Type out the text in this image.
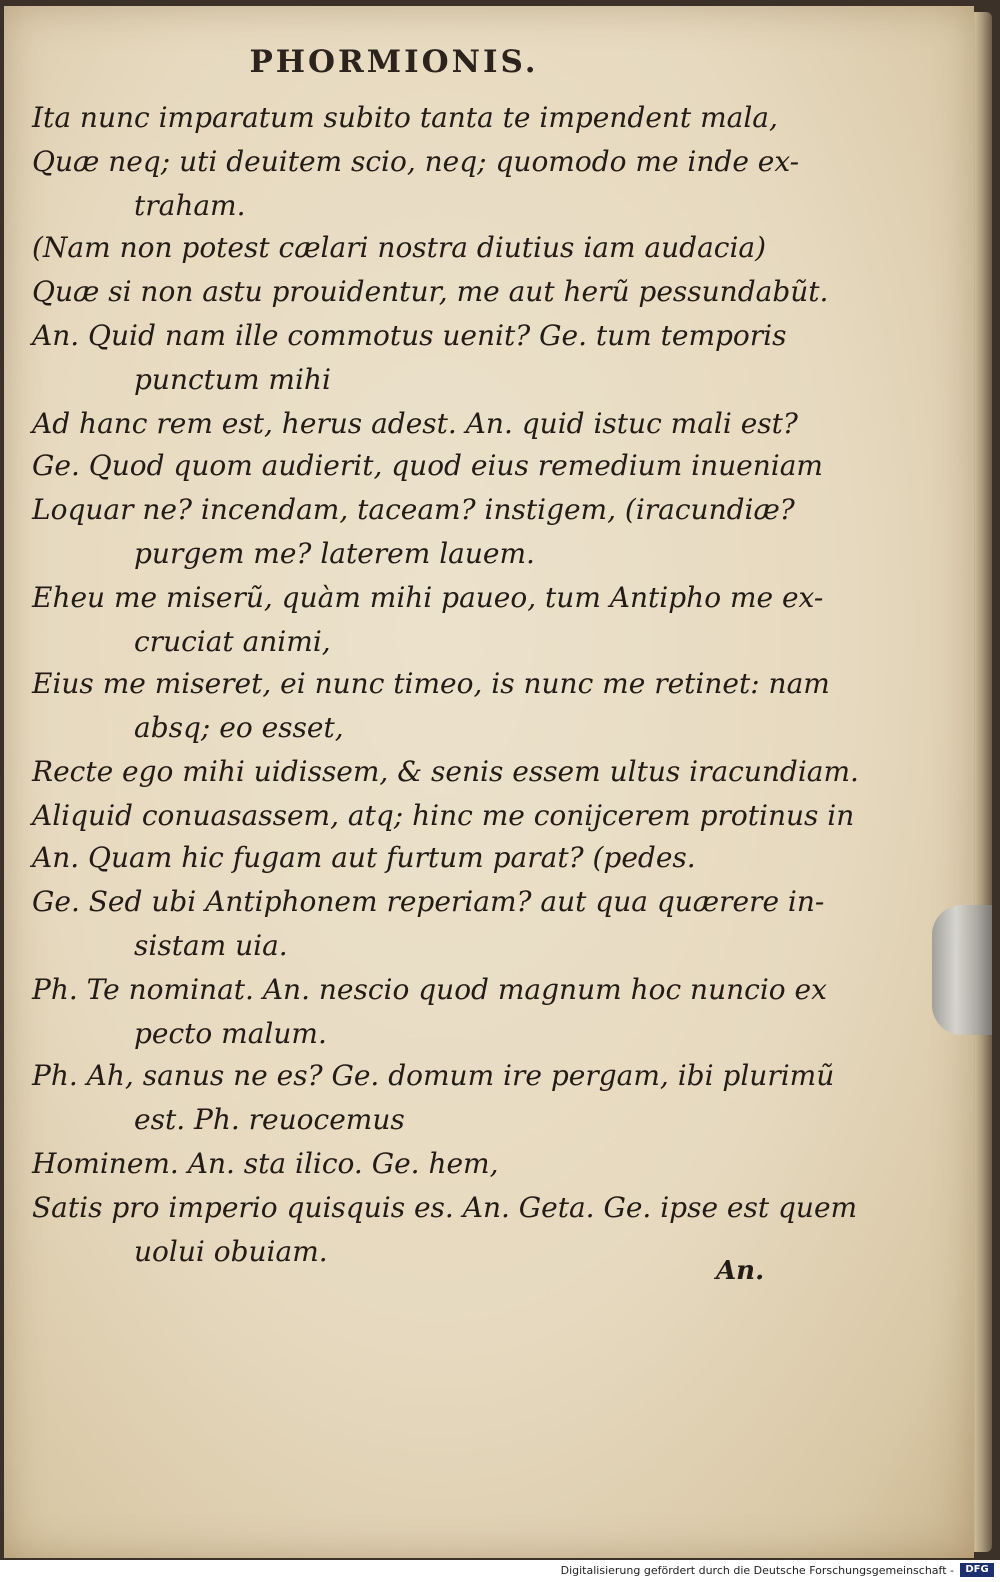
PHORMIONIS.
Ita nunc imparatum subito tanta te impendent mala,
Quæ neq; uti deuitem scio, neq; quomodo me inde ex-
traham.
(Nam non potest cælari nostra diutius iam audacia)
Quæ si non astu prouidentur, me aut herũ pessundabũt.
An. Quid nam ille commotus uenit? Ge. tum temporis
punctum mihi
Ad hanc rem est, herus adest. An. quid istuc mali est?
Ge. Quod quom audierit, quod eius remedium inueniam
Loquar ne? incendam, taceam? instigem, (iracundiæ?
purgem me? laterem lauem.
Eheu me miserũ, quàm mihi paueo, tum Antipho me ex-
cruciat animi,
Eius me miseret, ei nunc timeo, is nunc me retinet: nam
absq; eo esset,
Recte ego mihi uidissem, & senis essem ultus iracundiam.
Aliquid conuasassem, atq; hinc me conijcerem protinus in
An. Quam hic fugam aut furtum parat? (pedes.
Ge. Sed ubi Antiphonem reperiam? aut qua quærere in-
sistam uia.
Ph. Te nominat. An. nescio quod magnum hoc nuncio ex
pecto malum.
Ph. Ah, sanus ne es? Ge. domum ire pergam, ibi plurimũ
est. Ph. reuocemus
Hominem. An. sta ilico. Ge. hem,
Satis pro imperio quisquis es. An. Geta. Ge. ipse est quem
uolui obuiam.
An.
Digitalisierung gefördert durch die Deutsche Forschungsgemeinschaft -	DFG
